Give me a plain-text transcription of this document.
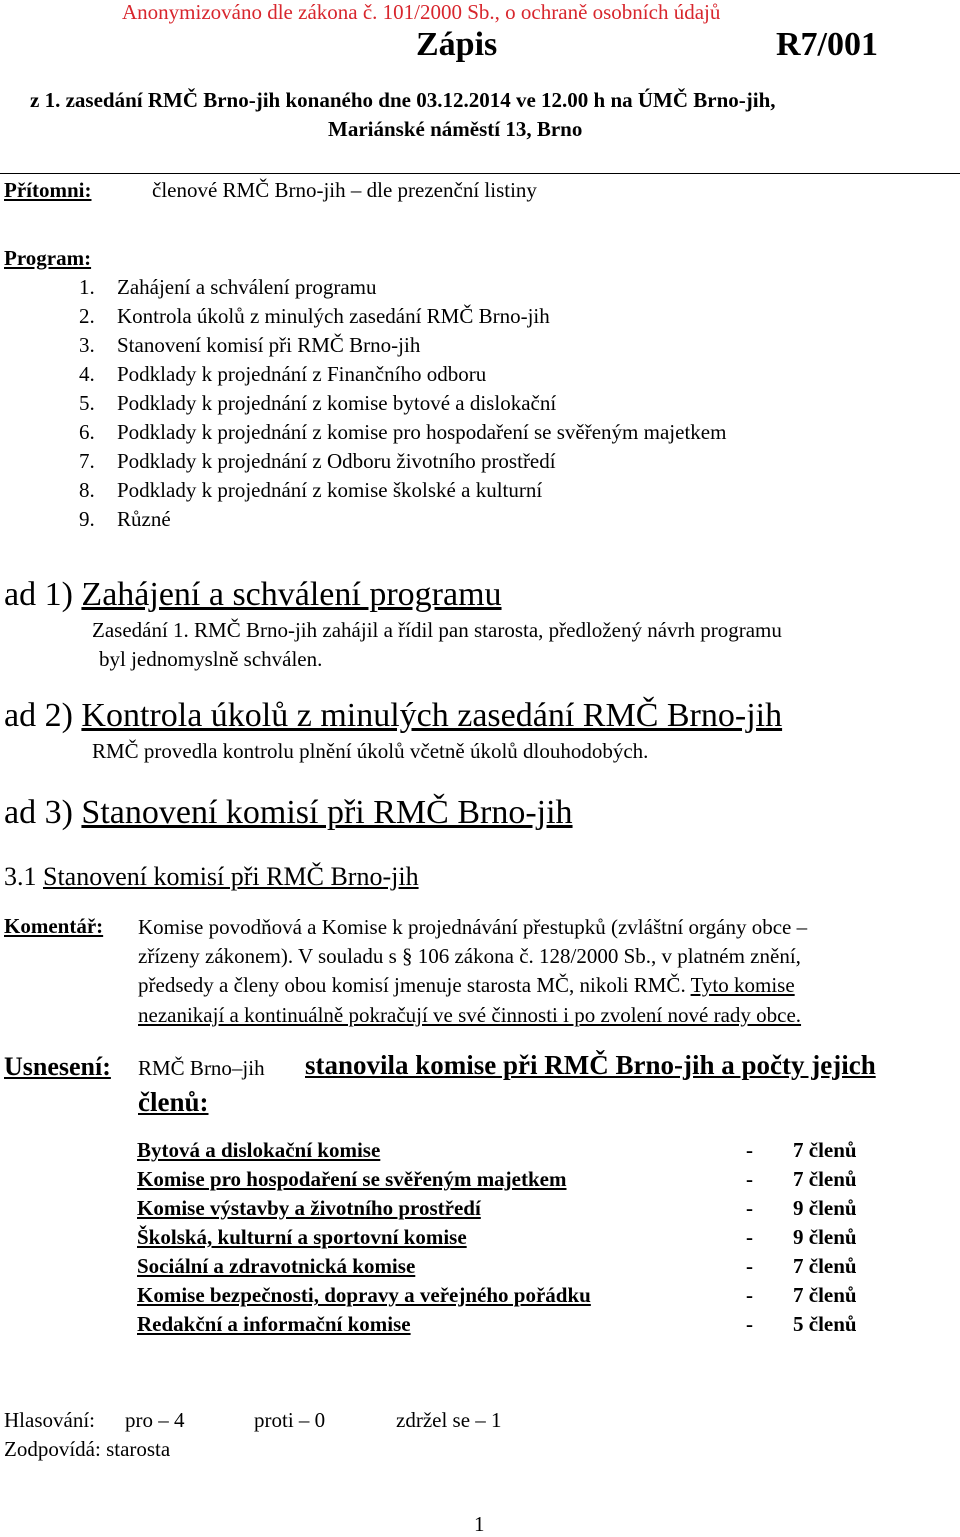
Anonymizováno dle zákona č. 101/2000 Sb., o ochraně osobních údajů
Zápis	R7/001
z 1. zasedání RMČ Brno-jih konaného dne 03.12.2014 ve 12.00 h na ÚMČ Brno-jih,
Mariánské náměstí 13, Brno
Přítomni:	členové RMČ Brno-jih – dle prezenční listiny
Program:
1. Zahájení a schválení programu
2. Kontrola úkolů z minulých zasedání RMČ Brno-jih
3. Stanovení komisí při RMČ Brno-jih
4. Podklady k projednání z Finančního odboru
5. Podklady k projednání z komise bytové a dislokační
6. Podklady k projednání z komise pro hospodaření se svěřeným majetkem
7. Podklady k projednání z Odboru životního prostředí
8. Podklady k projednání z komise školské a kulturní
9. Různé
ad 1) Zahájení a schválení programu
Zasedání 1. RMČ Brno-jih zahájil a řídil pan starosta, předložený návrh programu
byl jednomyslně schválen.
ad 2) Kontrola úkolů z minulých zasedání RMČ Brno-jih
RMČ provedla kontrolu plnění úkolů včetně úkolů dlouhodobých.
ad 3) Stanovení komisí při RMČ Brno-jih
3.1 Stanovení komisí při RMČ Brno-jih
Komentář: Komise povodňová a Komise k projednávání přestupků (zvláštní orgány obce –
zřízeny zákonem). V souladu s § 106 zákona č. 128/2000 Sb., v platném znění,
předsedy a členy obou komisí jmenuje starosta MČ, nikoli RMČ. Tyto komise
nezanikají a kontinuálně pokračují ve své činnosti i po zvolení nové rady obce.
Usnesení: RMČ Brno–jih stanovila komise při RMČ Brno-jih a počty jejich
členů:
Bytová a dislokační komise	- 7 členů
Komise pro hospodaření se svěřeným majetkem	- 7 členů
Komise výstavby a životního prostředí	- 9 členů
Školská, kulturní a sportovní komise	- 9 členů
Sociální a zdravotnická komise	- 7 členů
Komise bezpečnosti, dopravy a veřejného pořádku	- 7 členů
Redakční a informační komise	- 5 členů
Hlasování: pro – 4	proti – 0	zdržel se – 1
Zodpovídá: starosta
1
